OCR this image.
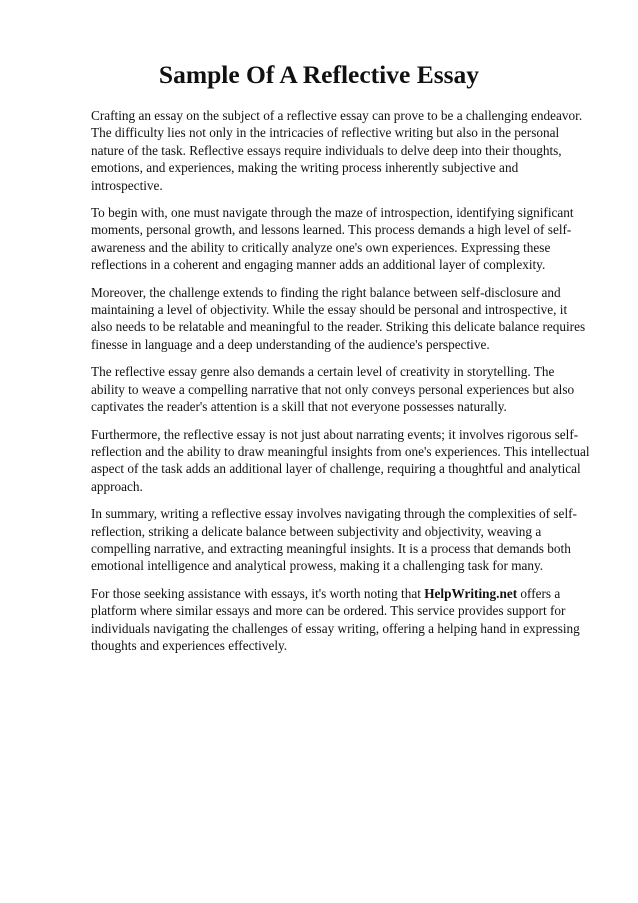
Sample Of A Reflective Essay

Crafting an essay on the subject of a reflective essay can prove to be a challenging endeavor. The difficulty lies not only in the intricacies of reflective writing but also in the personal nature of the task. Reflective essays require individuals to delve deep into their thoughts, emotions, and experiences, making the writing process inherently subjective and introspective.

To begin with, one must navigate through the maze of introspection, identifying significant moments, personal growth, and lessons learned. This process demands a high level of self-awareness and the ability to critically analyze one's own experiences. Expressing these reflections in a coherent and engaging manner adds an additional layer of complexity.

Moreover, the challenge extends to finding the right balance between self-disclosure and maintaining a level of objectivity. While the essay should be personal and introspective, it also needs to be relatable and meaningful to the reader. Striking this delicate balance requires finesse in language and a deep understanding of the audience's perspective.

The reflective essay genre also demands a certain level of creativity in storytelling. The ability to weave a compelling narrative that not only conveys personal experiences but also captivates the reader's attention is a skill that not everyone possesses naturally.

Furthermore, the reflective essay is not just about narrating events; it involves rigorous self-reflection and the ability to draw meaningful insights from one's experiences. This intellectual aspect of the task adds an additional layer of challenge, requiring a thoughtful and analytical approach.

In summary, writing a reflective essay involves navigating through the complexities of self-reflection, striking a delicate balance between subjectivity and objectivity, weaving a compelling narrative, and extracting meaningful insights. It is a process that demands both emotional intelligence and analytical prowess, making it a challenging task for many.

For those seeking assistance with essays, it's worth noting that HelpWriting.net offers a platform where similar essays and more can be ordered. This service provides support for individuals navigating the challenges of essay writing, offering a helping hand in expressing thoughts and experiences effectively.
